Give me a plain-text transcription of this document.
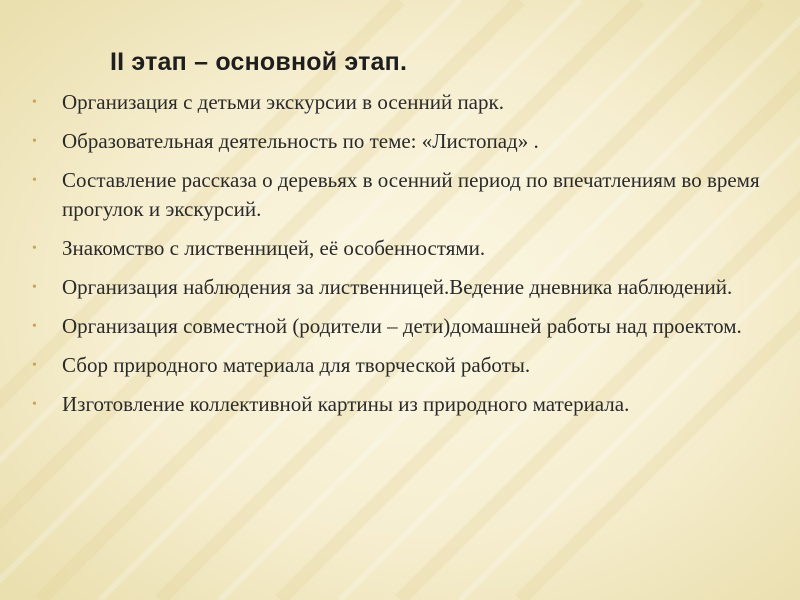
II этап – основной этап.
•	Организация с детьми экскурсии в осенний парк.
•	Образовательная деятельность по теме: «Листопад» .
•	Составление рассказа о деревьях в осенний период по впечатлениям во время прогулок и экскурсий.
•	Знакомство с лиственницей, её особенностями.
•	Организация наблюдения за лиственницей.Ведение дневника наблюдений.
•	Организация совместной (родители – дети)домашней работы над проектом.
•	Сбор природного материала для творческой работы.
•	Изготовление коллективной картины из природного материала.
